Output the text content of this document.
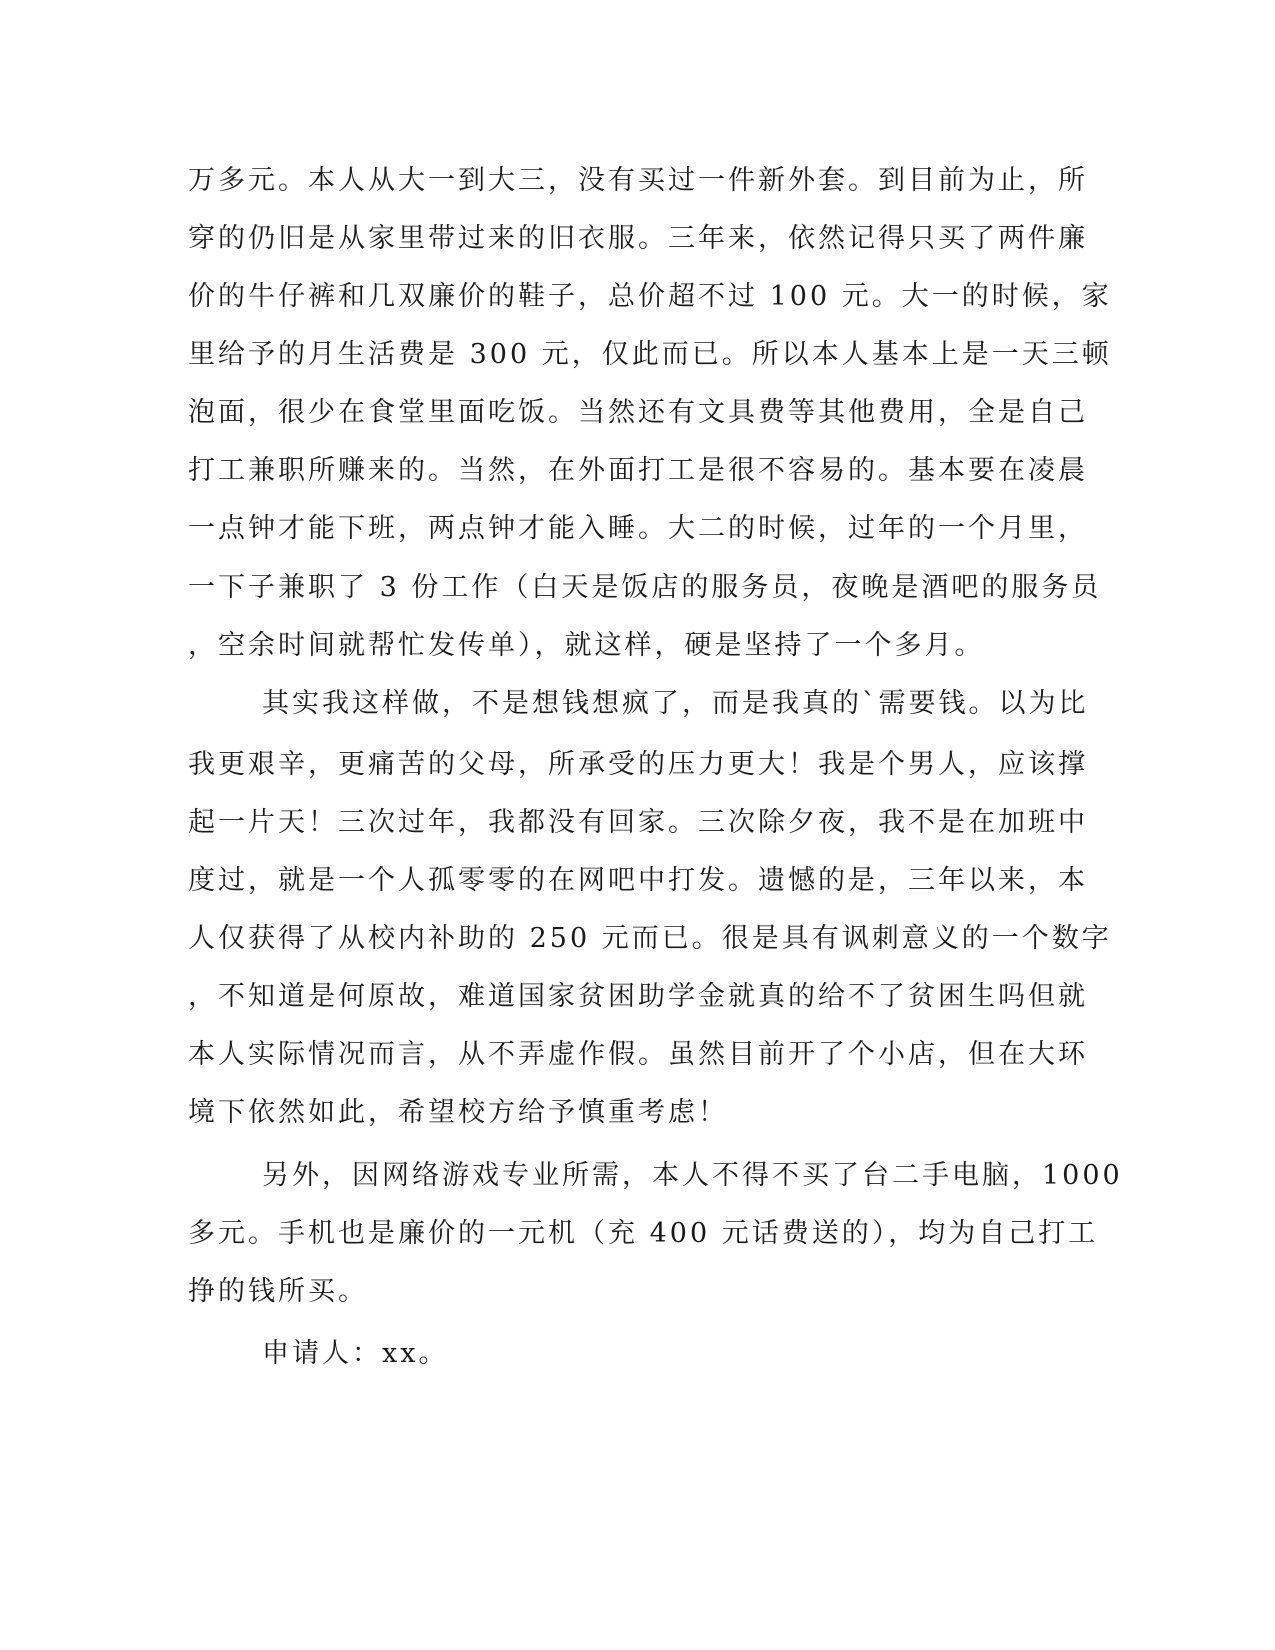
万多元。本人从大一到大三，没有买过一件新外套。到目前为止，所

穿的仍旧是从家里带过来的旧衣服。三年来，依然记得只买了两件廉

价的牛仔裤和几双廉价的鞋子，总价超不过 100 元。大一的时候，家

里给予的月生活费是 300 元，仅此而已。所以本人基本上是一天三顿

泡面，很少在食堂里面吃饭。当然还有文具费等其他费用，全是自己

打工兼职所赚来的。当然，在外面打工是很不容易的。基本要在凌晨

一点钟才能下班，两点钟才能入睡。大二的时候，过年的一个月里，

一下子兼职了 3 份工作（白天是饭店的服务员，夜晚是酒吧的服务员

，空余时间就帮忙发传单），就这样，硬是坚持了一个多月。

其实我这样做，不是想钱想疯了，而是我真的`需要钱。以为比

我更艰辛，更痛苦的父母，所承受的压力更大！我是个男人，应该撑

起一片天！三次过年，我都没有回家。三次除夕夜，我不是在加班中

度过，就是一个人孤零零的在网吧中打发。遗憾的是，三年以来，本

人仅获得了从校内补助的 250 元而已。很是具有讽刺意义的一个数字

，不知道是何原故，难道国家贫困助学金就真的给不了贫困生吗但就

本人实际情况而言，从不弄虚作假。虽然目前开了个小店，但在大环

境下依然如此，希望校方给予慎重考虑！

另外，因网络游戏专业所需，本人不得不买了台二手电脑，1000

多元。手机也是廉价的一元机（充 400 元话费送的），均为自己打工

挣的钱所买。

申请人：xx。
